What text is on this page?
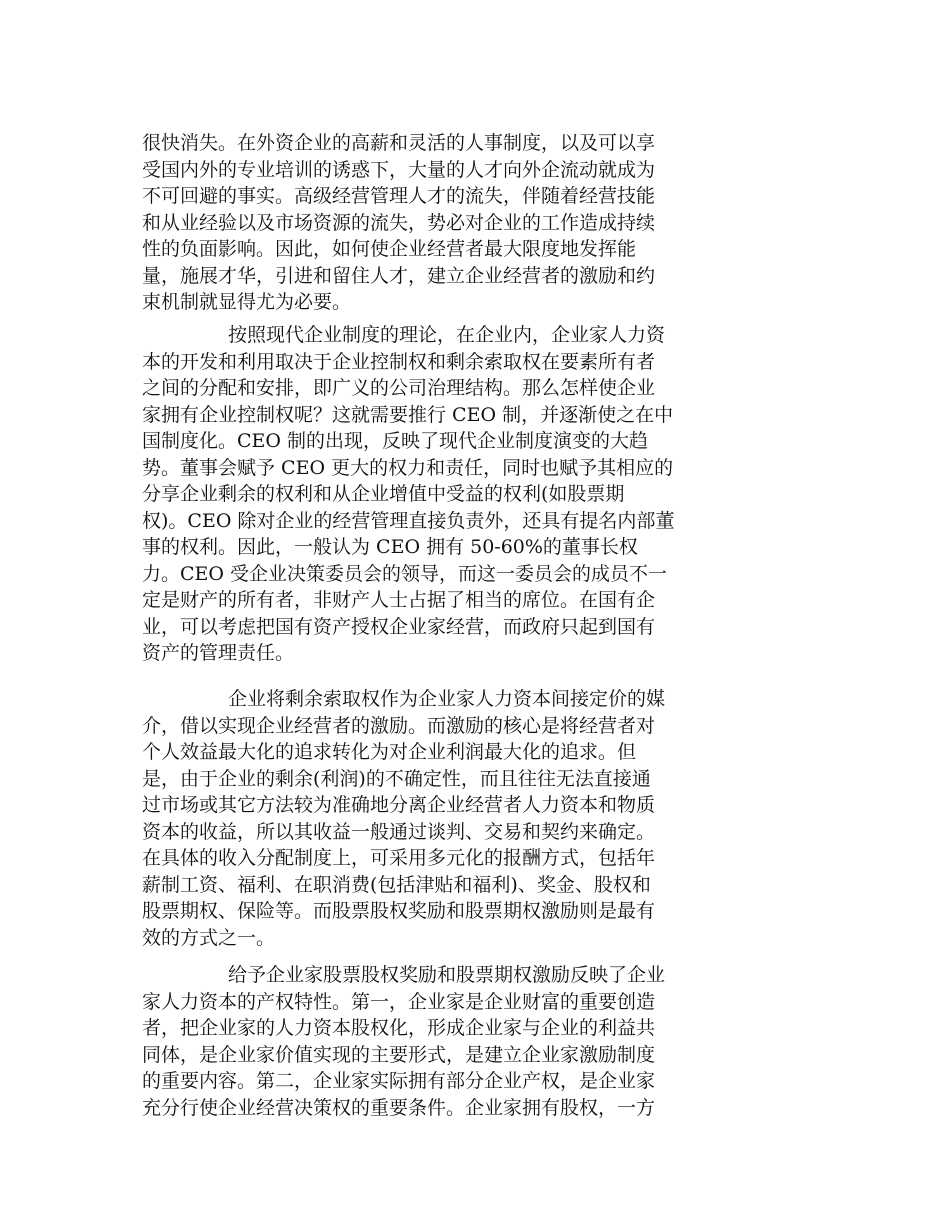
很快消失。在外资企业的高薪和灵活的人事制度，以及可以享
受国内外的专业培训的诱惑下，大量的人才向外企流动就成为
不可回避的事实。高级经营管理人才的流失，伴随着经营技能
和从业经验以及市场资源的流失，势必对企业的工作造成持续
性的负面影响。因此，如何使企业经营者最大限度地发挥能
量，施展才华，引进和留住人才，建立企业经营者的激励和约
束机制就显得尤为必要。
按照现代企业制度的理论，在企业内，企业家人力资
本的开发和利用取决于企业控制权和剩余索取权在要素所有者
之间的分配和安排，即广义的公司治理结构。那么怎样使企业
家拥有企业控制权呢？这就需要推行 CEO 制，并逐渐使之在中
国制度化。CEO 制的出现，反映了现代企业制度演变的大趋
势。董事会赋予 CEO 更大的权力和责任，同时也赋予其相应的
分享企业剩余的权利和从企业增值中受益的权利(如股票期
权)。CEO 除对企业的经营管理直接负责外，还具有提名内部董
事的权利。因此，一般认为 CEO 拥有 50-60%的董事长权
力。CEO 受企业决策委员会的领导，而这一委员会的成员不一
定是财产的所有者，非财产人士占据了相当的席位。在国有企
业，可以考虑把国有资产授权企业家经营，而政府只起到国有
资产的管理责任。
企业将剩余索取权作为企业家人力资本间接定价的媒
介，借以实现企业经营者的激励。而激励的核心是将经营者对
个人效益最大化的追求转化为对企业利润最大化的追求。但
是，由于企业的剩余(利润)的不确定性，而且往往无法直接通
过市场或其它方法较为准确地分离企业经营者人力资本和物质
资本的收益，所以其收益一般通过谈判、交易和契约来确定。
在具体的收入分配制度上，可采用多元化的报酬方式，包括年
薪制工资、福利、在职消费(包括津贴和福利)、奖金、股权和
股票期权、保险等。而股票股权奖励和股票期权激励则是最有
效的方式之一。
给予企业家股票股权奖励和股票期权激励反映了企业
家人力资本的产权特性。第一，企业家是企业财富的重要创造
者，把企业家的人力资本股权化，形成企业家与企业的利益共
同体，是企业家价值实现的主要形式，是建立企业家激励制度
的重要内容。第二，企业家实际拥有部分企业产权，是企业家
充分行使企业经营决策权的重要条件。企业家拥有股权，一方
